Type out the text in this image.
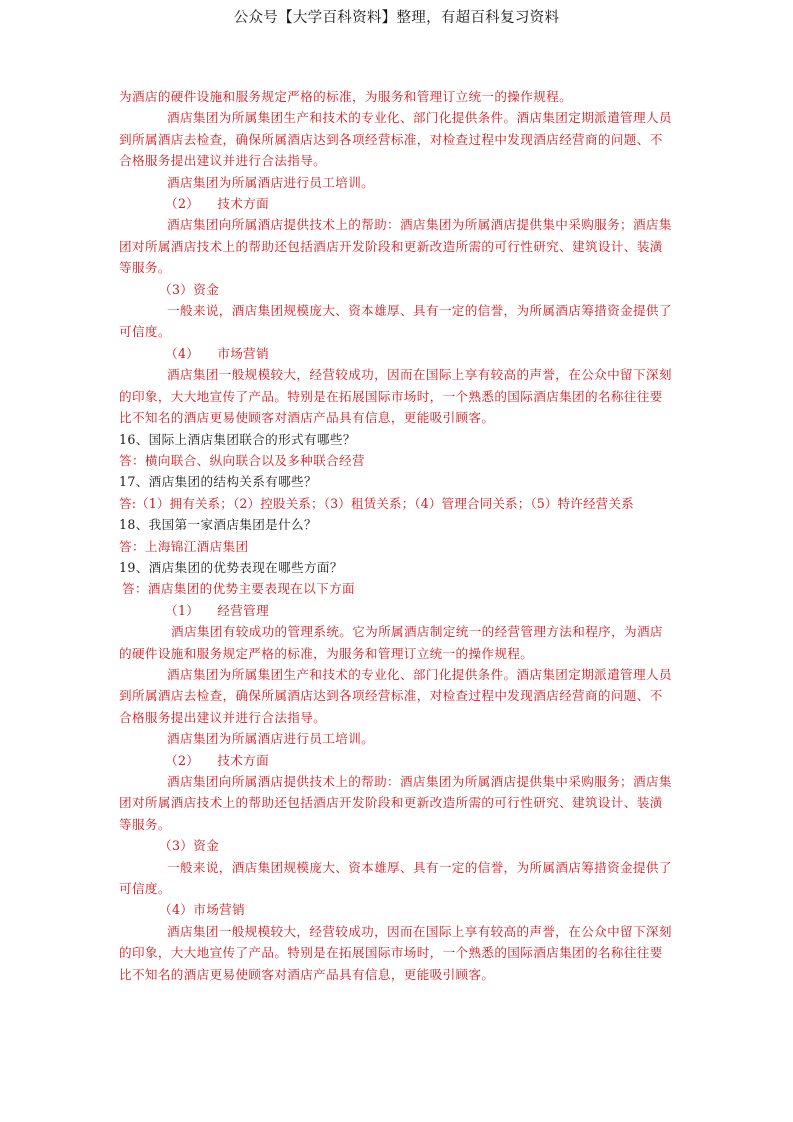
公众号【大学百科资料】整理，有超百科复习资料

为酒店的硬件设施和服务规定严格的标准，为服务和管理订立统一的操作规程。

酒店集团为所属集团生产和技术的专业化、部门化提供条件。酒店集团定期派遣管理人员到所属酒店去检查，确保所属酒店达到各项经营标准，对检查过程中发现酒店经营商的问题、不合格服务提出建议并进行合法指导。

酒店集团为所属酒店进行员工培训。

（2） 技术方面

酒店集团向所属酒店提供技术上的帮助：酒店集团为所属酒店提供集中采购服务；酒店集团对所属酒店技术上的帮助还包括酒店开发阶段和更新改造所需的可行性研究、建筑设计、装潢等服务。

（3）资金

一般来说，酒店集团规模庞大、资本雄厚、具有一定的信誉，为所属酒店筹措资金提供了可信度。

（4） 市场营销

酒店集团一般规模较大，经营较成功，因而在国际上享有较高的声誉，在公众中留下深刻的印象，大大地宣传了产品。特别是在拓展国际市场时，一个熟悉的国际酒店集团的名称往往要比不知名的酒店更易使顾客对酒店产品具有信息，更能吸引顾客。

16、国际上酒店集团联合的形式有哪些？

答：横向联合、纵向联合以及多种联合经营

17、酒店集团的结构关系有哪些？

答:（1）拥有关系；（2）控股关系；（3）租赁关系；（4）管理合同关系；（5）特许经营关系

18、我国第一家酒店集团是什么？

答：上海锦江酒店集团

19、酒店集团的优势表现在哪些方面？

答：酒店集团的优势主要表现在以下方面

（1） 经营管理

酒店集团有较成功的管理系统。它为所属酒店制定统一的经营管理方法和程序，为酒店的硬件设施和服务规定严格的标准，为服务和管理订立统一的操作规程。

酒店集团为所属集团生产和技术的专业化、部门化提供条件。酒店集团定期派遣管理人员到所属酒店去检查，确保所属酒店达到各项经营标准，对检查过程中发现酒店经营商的问题、不合格服务提出建议并进行合法指导。

酒店集团为所属酒店进行员工培训。

（2） 技术方面

酒店集团向所属酒店提供技术上的帮助：酒店集团为所属酒店提供集中采购服务；酒店集团对所属酒店技术上的帮助还包括酒店开发阶段和更新改造所需的可行性研究、建筑设计、装潢等服务。

（3）资金

一般来说，酒店集团规模庞大、资本雄厚、具有一定的信誉，为所属酒店筹措资金提供了可信度。

（4）市场营销

酒店集团一般规模较大，经营较成功，因而在国际上享有较高的声誉，在公众中留下深刻的印象，大大地宣传了产品。特别是在拓展国际市场时，一个熟悉的国际酒店集团的名称往往要比不知名的酒店更易使顾客对酒店产品具有信息，更能吸引顾客。
